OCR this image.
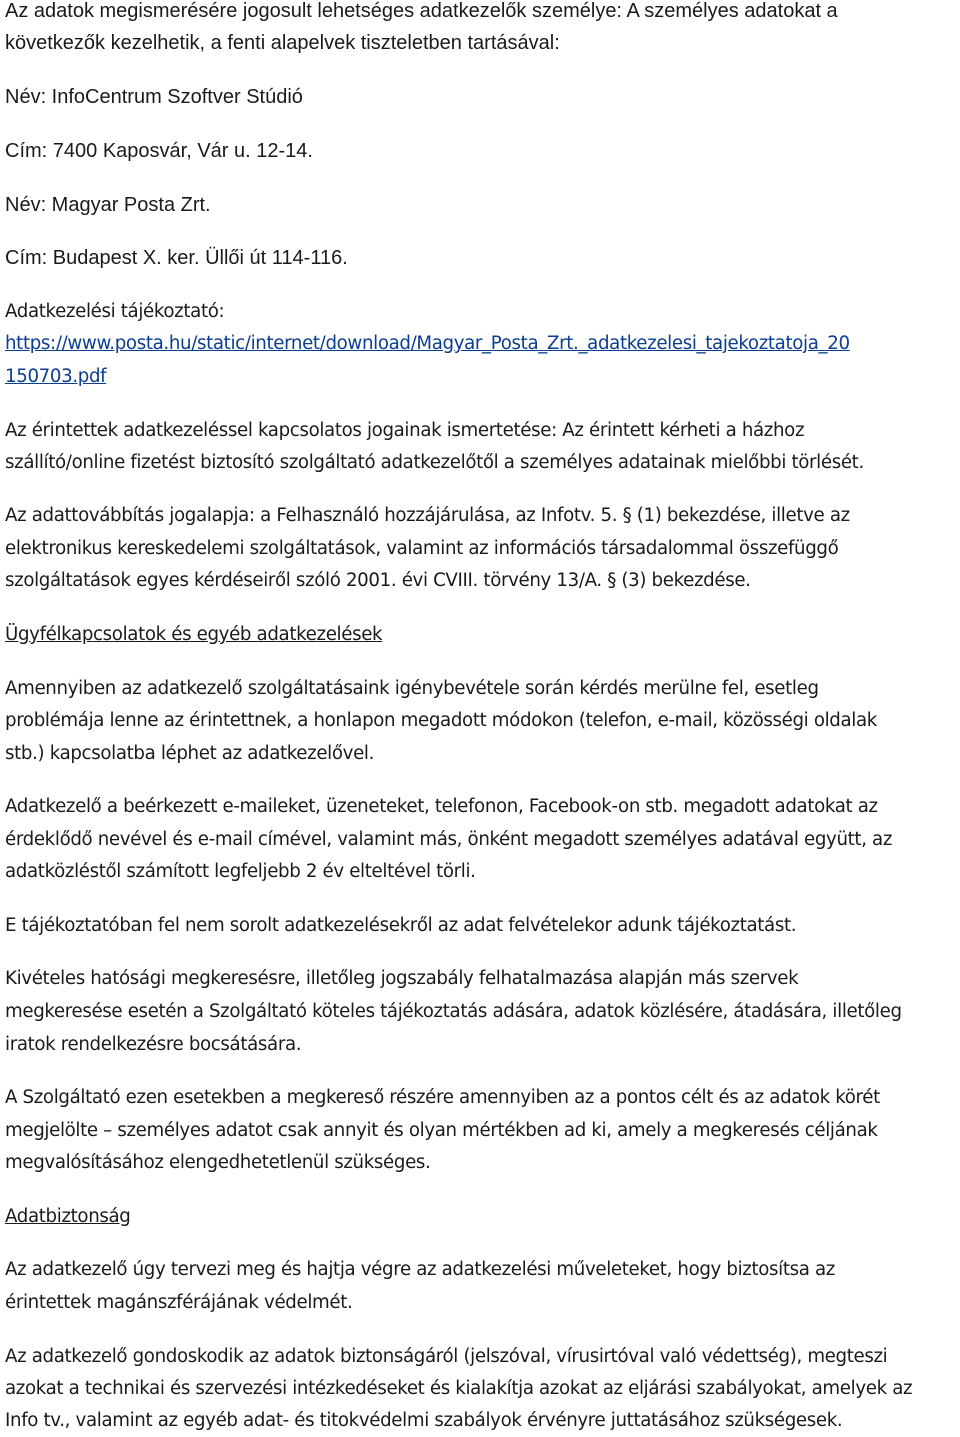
Az adatok megismerésére jogosult lehetséges adatkezelők személye: A személyes adatokat a
következők kezelhetik, a fenti alapelvek tiszteletben tartásával:
Név: InfoCentrum Szoftver Stúdió
Cím: 7400 Kaposvár, Vár u. 12-14.
Név: Magyar Posta Zrt.
Cím: Budapest X. ker. Üllői út 114-116.
Adatkezelési tájékoztató:
https://www.posta.hu/static/internet/download/Magyar_Posta_Zrt._adatkezelesi_tajekoztatoja_20
150703.pdf
Az érintettek adatkezeléssel kapcsolatos jogainak ismertetése: Az érintett kérheti a házhoz
szállító/online fizetést biztosító szolgáltató adatkezelőtől a személyes adatainak mielőbbi törlését.
Az adattovábbítás jogalapja: a Felhasználó hozzájárulása, az Infotv. 5. § (1) bekezdése, illetve az
elektronikus kereskedelemi szolgáltatások, valamint az információs társadalommal összefüggő
szolgáltatások egyes kérdéseiről szóló 2001. évi CVIII. törvény 13/A. § (3) bekezdése.
Ügyfélkapcsolatok és egyéb adatkezelések
Amennyiben az adatkezelő szolgáltatásaink igénybevétele során kérdés merülne fel, esetleg
problémája lenne az érintettnek, a honlapon megadott módokon (telefon, e-mail, közösségi oldalak
stb.) kapcsolatba léphet az adatkezelővel.
Adatkezelő a beérkezett e-maileket, üzeneteket, telefonon, Facebook-on stb. megadott adatokat az
érdeklődő nevével és e-mail címével, valamint más, önként megadott személyes adatával együtt, az
adatközléstől számított legfeljebb 2 év elteltével törli.
E tájékoztatóban fel nem sorolt adatkezelésekről az adat felvételekor adunk tájékoztatást.
Kivételes hatósági megkeresésre, illetőleg jogszabály felhatalmazása alapján más szervek
megkeresése esetén a Szolgáltató köteles tájékoztatás adására, adatok közlésére, átadására, illetőleg
iratok rendelkezésre bocsátására.
A Szolgáltató ezen esetekben a megkereső részére amennyiben az a pontos célt és az adatok körét
megjelölte – személyes adatot csak annyit és olyan mértékben ad ki, amely a megkeresés céljának
megvalósításához elengedhetetlenül szükséges.
Adatbiztonság
Az adatkezelő úgy tervezi meg és hajtja végre az adatkezelési műveleteket, hogy biztosítsa az
érintettek magánszférájának védelmét.
Az adatkezelő gondoskodik az adatok biztonságáról (jelszóval, vírusirtóval való védettség), megteszi
azokat a technikai és szervezési intézkedéseket és kialakítja azokat az eljárási szabályokat, amelyek az
Info tv., valamint az egyéb adat- és titokvédelmi szabályok érvényre juttatásához szükségesek.
